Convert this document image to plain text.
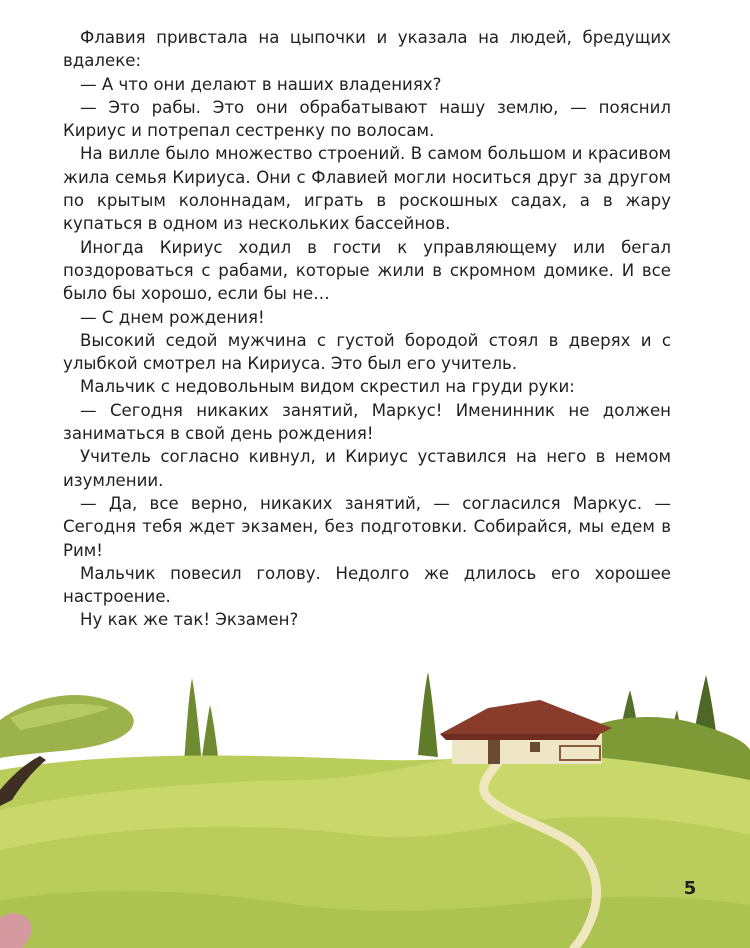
Флавия привстала на цыпочки и указала на людей, бредущих вдалеке:

— А что они делают в наших владениях?

— Это рабы. Это они обрабатывают нашу землю, — пояснил Кириус и потрепал сестренку по волосам.

На вилле было множество строений. В самом большом и красивом жила семья Кириуса. Они с Флавией могли носиться друг за другом по крытым колоннадам, играть в роскошных садах, а в жару купаться в одном из нескольких бассейнов.

Иногда Кириус ходил в гости к управляющему или бегал поздороваться с рабами, которые жили в скромном домике. И все было бы хорошо, если бы не…

— С днем рождения!

Высокий седой мужчина с густой бородой стоял в дверях и с улыбкой смотрел на Кириуса. Это был его учитель.

Мальчик с недовольным видом скрестил на груди руки:

— Сегодня никаких занятий, Маркус! Именинник не должен заниматься в свой день рождения!

Учитель согласно кивнул, и Кириус уставился на него в немом изумлении.

— Да, все верно, никаких занятий, — согласился Маркус. — Сегодня тебя ждет экзамен, без подготовки. Собирайся, мы едем в Рим!

Мальчик повесил голову. Недолго же длилось его хорошее настроение.

Ну как же так! Экзамен?

5
